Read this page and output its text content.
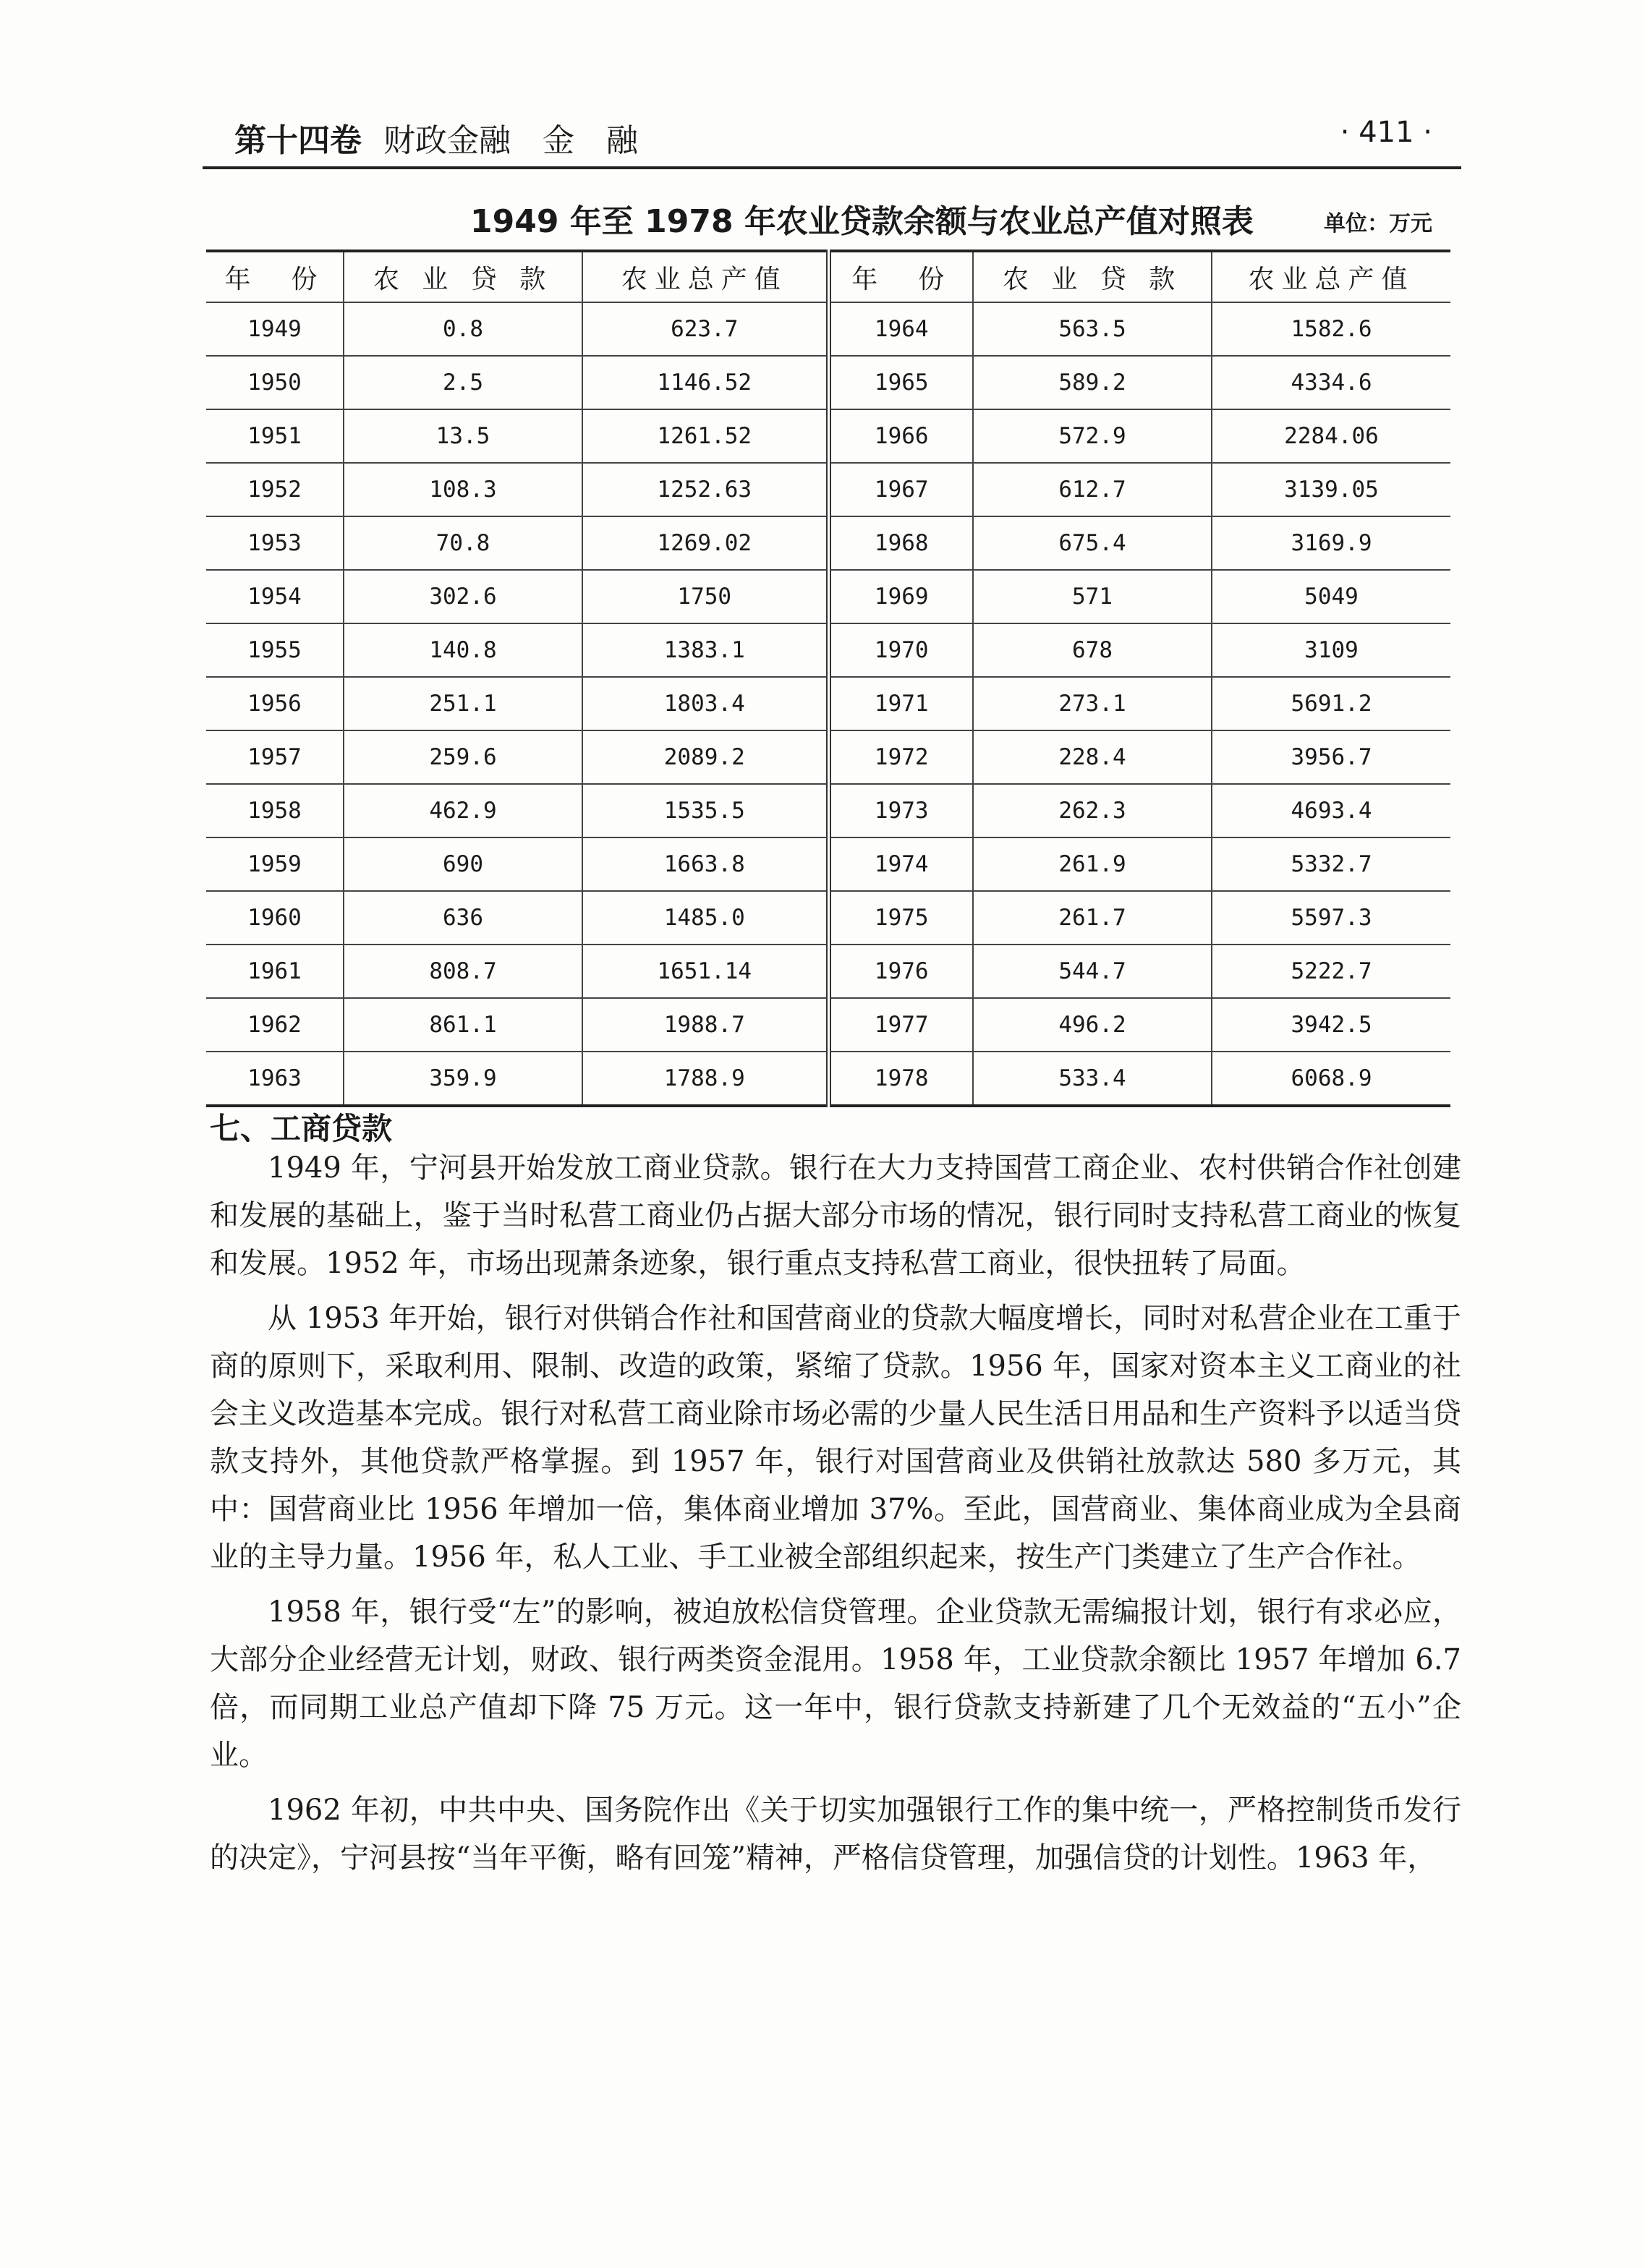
第十四卷 财政金融　金　融	· 411 ·
1949 年至 1978 年农业贷款余额与农业总产值对照表	单位：万元
年　份	农 业 贷 款	农业总产值	年　份	农 业 贷 款	农业总产值
1949	0.8	623.7	1964	563.5	1582.6
1950	2.5	1146.52	1965	589.2	4334.6
1951	13.5	1261.52	1966	572.9	2284.06
1952	108.3	1252.63	1967	612.7	3139.05
1953	70.8	1269.02	1968	675.4	3169.9
1954	302.6	1750	1969	571	5049
1955	140.8	1383.1	1970	678	3109
1956	251.1	1803.4	1971	273.1	5691.2
1957	259.6	2089.2	1972	228.4	3956.7
1958	462.9	1535.5	1973	262.3	4693.4
1959	690	1663.8	1974	261.9	5332.7
1960	636	1485.0	1975	261.7	5597.3
1961	808.7	1651.14	1976	544.7	5222.7
1962	861.1	1988.7	1977	496.2	3942.5
1963	359.9	1788.9	1978	533.4	6068.9
七、工商贷款

1949 年，宁河县开始发放工商业贷款。银行在大力支持国营工商企业、农村供销合作社创建和发展的基础上，鉴于当时私营工商业仍占据大部分市场的情况，银行同时支持私营工商业的恢复和发展。1952 年，市场出现萧条迹象，银行重点支持私营工商业，很快扭转了局面。

从 1953 年开始，银行对供销合作社和国营商业的贷款大幅度增长，同时对私营企业在工重于商的原则下，采取利用、限制、改造的政策，紧缩了贷款。1956 年，国家对资本主义工商业的社会主义改造基本完成。银行对私营工商业除市场必需的少量人民生活日用品和生产资料予以适当贷款支持外，其他贷款严格掌握。到 1957 年，银行对国营商业及供销社放款达 580 多万元，其中：国营商业比 1956 年增加一倍，集体商业增加 37%。至此，国营商业、集体商业成为全县商业的主导力量。1956 年，私人工业、手工业被全部组织起来，按生产门类建立了生产合作社。

1958 年，银行受“左”的影响，被迫放松信贷管理。企业贷款无需编报计划，银行有求必应，大部分企业经营无计划，财政、银行两类资金混用。1958 年，工业贷款余额比 1957 年增加 6.7 倍，而同期工业总产值却下降 75 万元。这一年中，银行贷款支持新建了几个无效益的“五小”企业。

1962 年初，中共中央、国务院作出《关于切实加强银行工作的集中统一，严格控制货币发行的决定》，宁河县按“当年平衡，略有回笼”精神，严格信贷管理，加强信贷的计划性。1963 年，
